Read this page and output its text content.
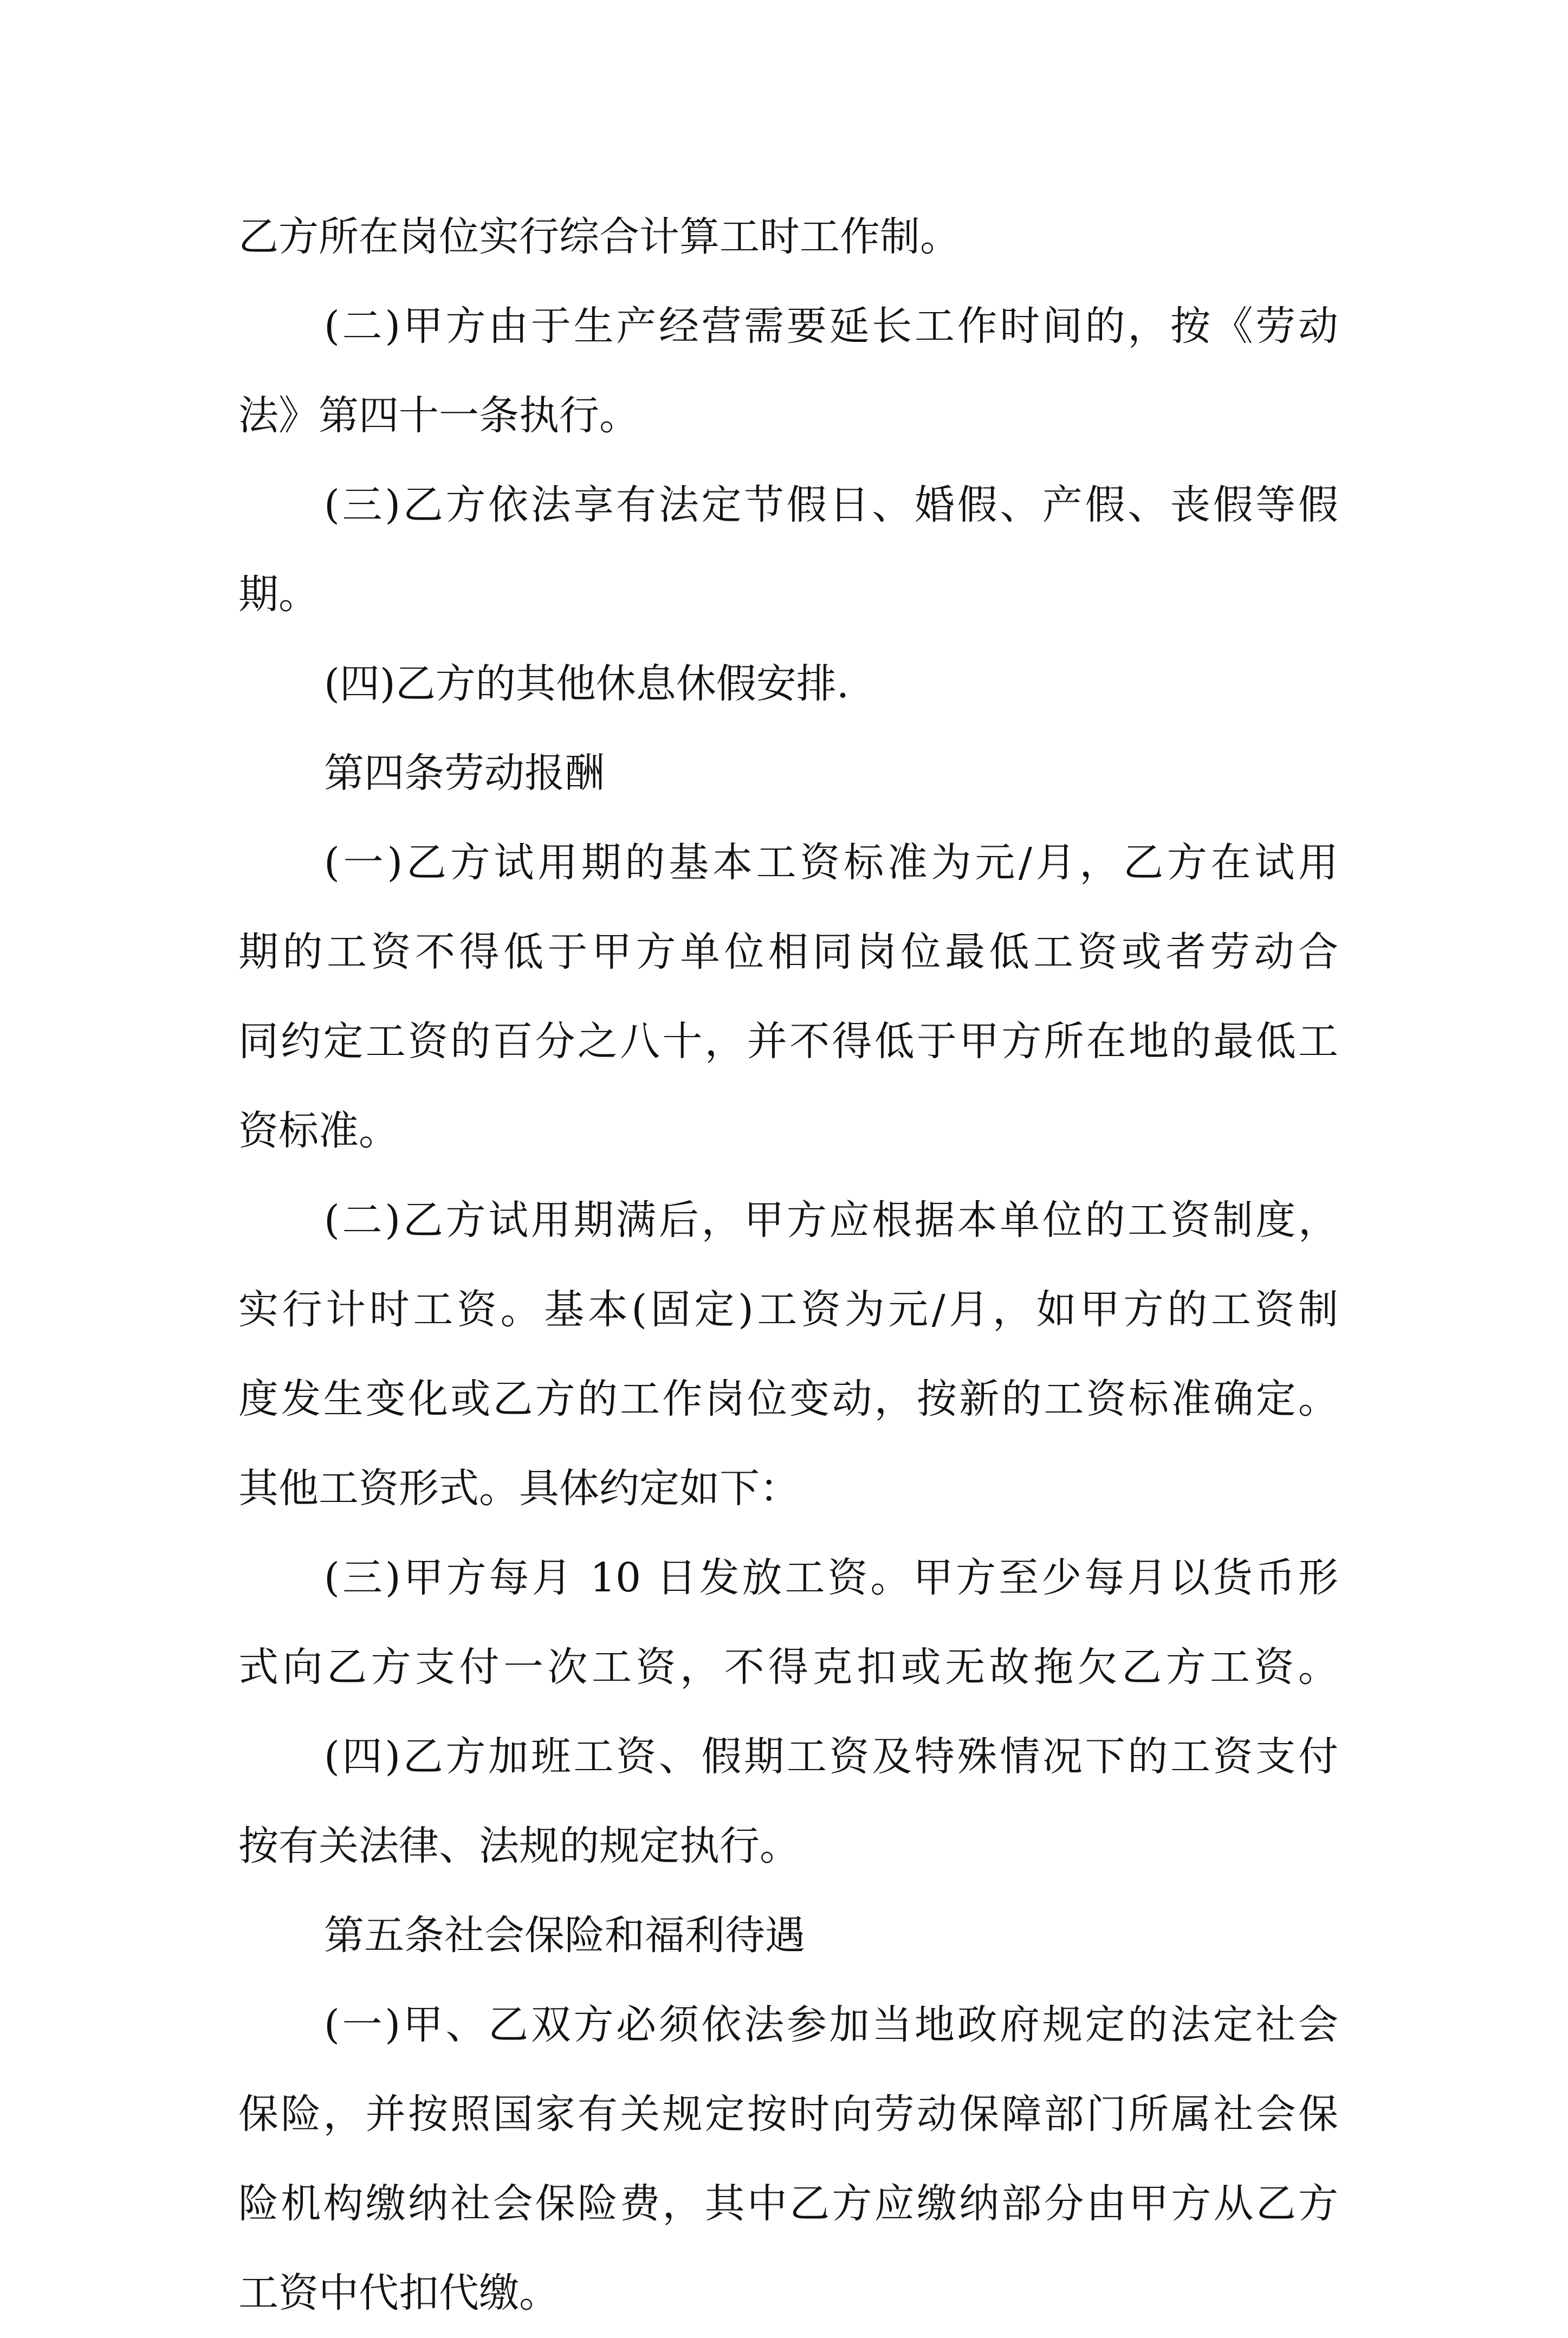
乙方所在岗位实行综合计算工时工作制。
(二)甲方由于生产经营需要延长工作时间的，按《劳动
法》第四十一条执行。
(三)乙方依法享有法定节假日、婚假、产假、丧假等假
期。
(四)乙方的其他休息休假安排.
第四条劳动报酬
(一)乙方试用期的基本工资标准为元/月，乙方在试用
期的工资不得低于甲方单位相同岗位最低工资或者劳动合
同约定工资的百分之八十，并不得低于甲方所在地的最低工
资标准。
(二)乙方试用期满后，甲方应根据本单位的工资制度，
实行计时工资。基本(固定)工资为元/月，如甲方的工资制
度发生变化或乙方的工作岗位变动，按新的工资标准确定。
其他工资形式。具体约定如下：
(三)甲方每月 10 日发放工资。甲方至少每月以货币形
式向乙方支付一次工资，不得克扣或无故拖欠乙方工资。
(四)乙方加班工资、假期工资及特殊情况下的工资支付
按有关法律、法规的规定执行。
第五条社会保险和福利待遇
(一)甲、乙双方必须依法参加当地政府规定的法定社会
保险，并按照国家有关规定按时向劳动保障部门所属社会保
险机构缴纳社会保险费，其中乙方应缴纳部分由甲方从乙方
工资中代扣代缴。
